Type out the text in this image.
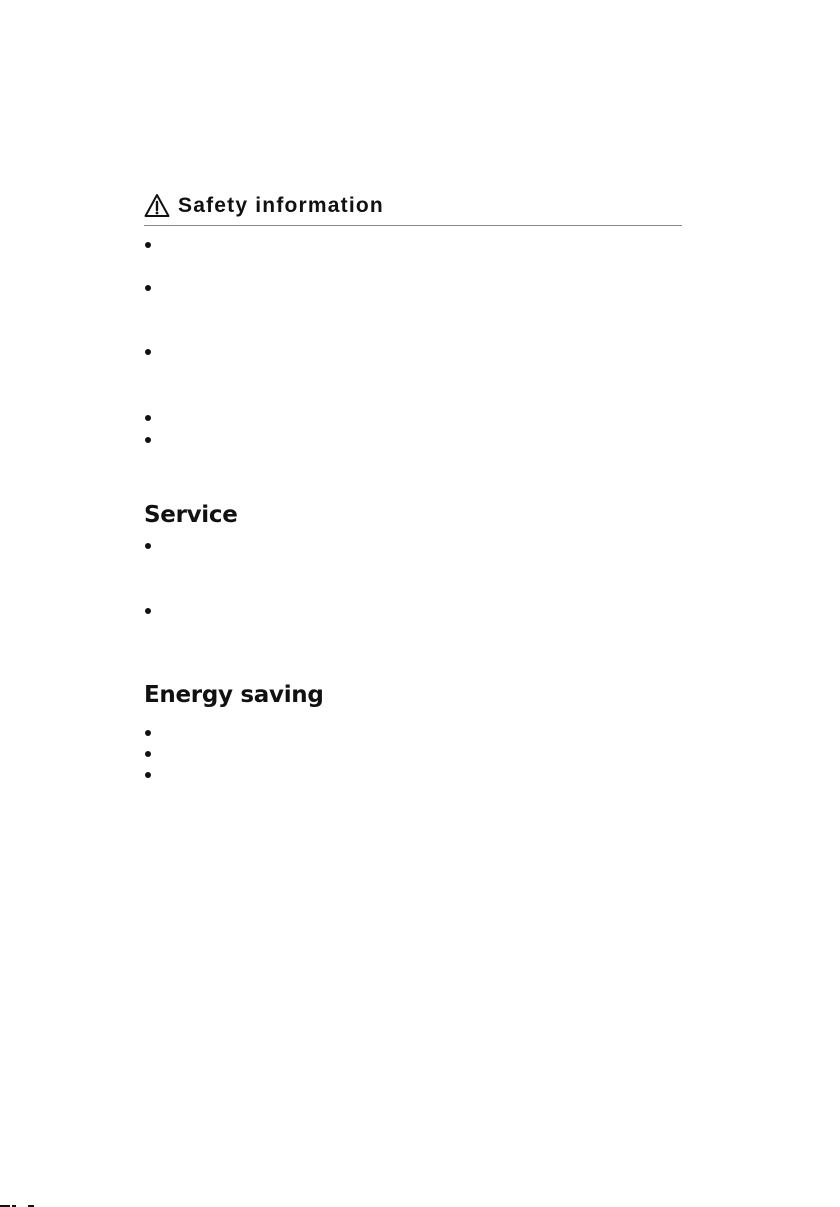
Safety information
Service
Energy saving
